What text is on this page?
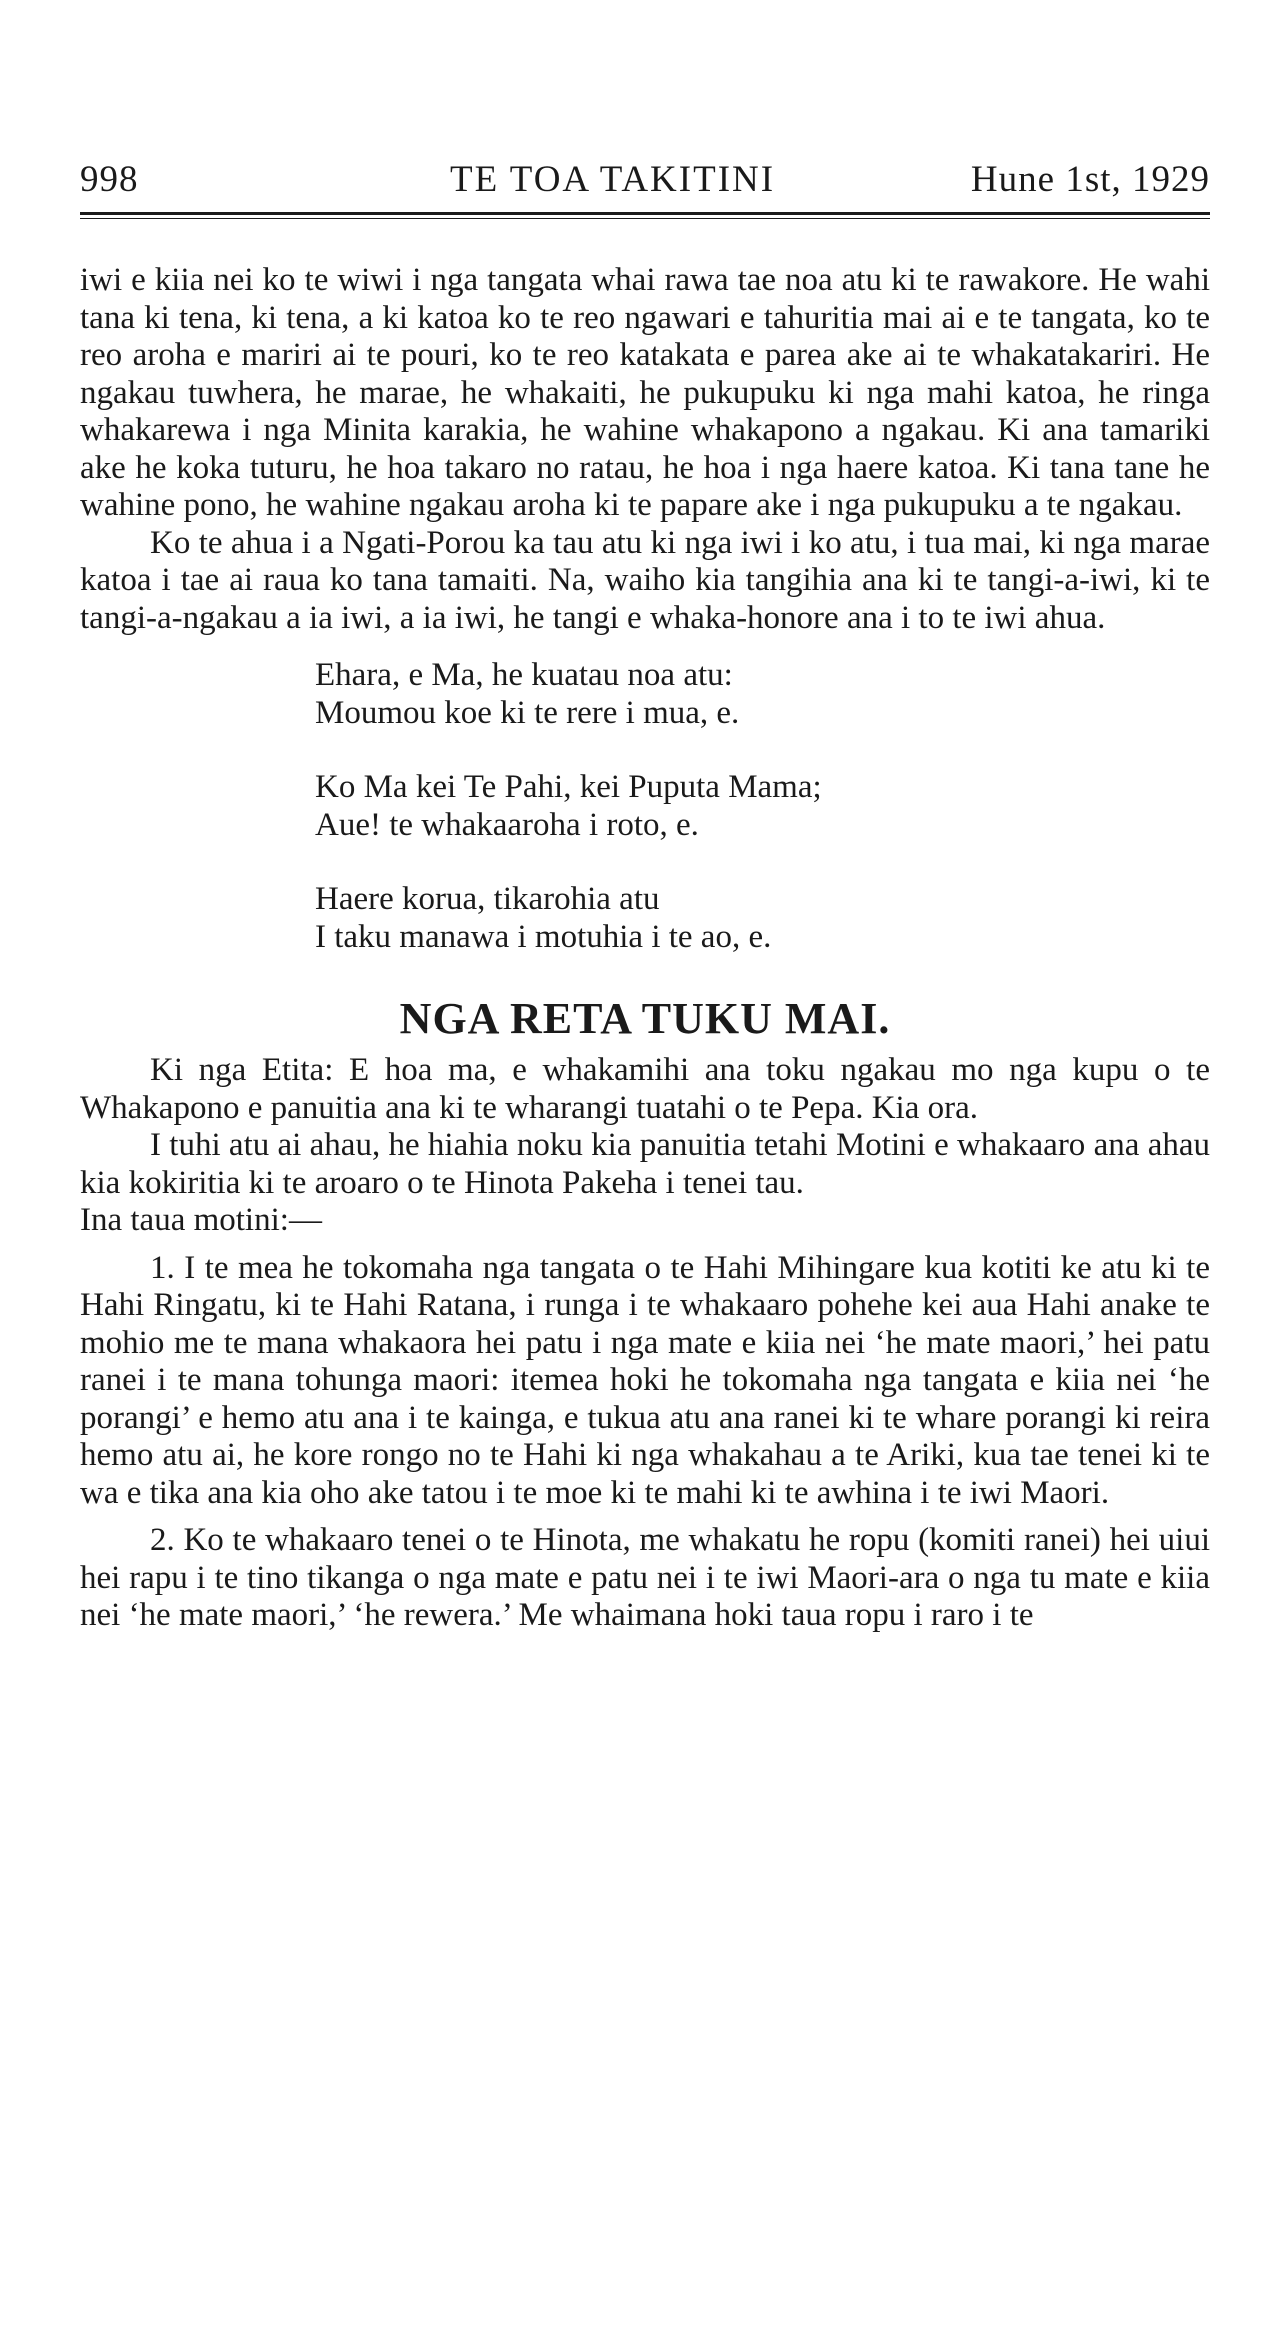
998	TE TOA TAKITINI	Hune 1st, 1929

iwi e kiia nei ko te wiwi i nga tangata whai rawa tae noa atu ki te rawakore. He wahi tana ki tena, ki tena, a ki katoa ko te reo ngawari e tahuritia mai ai e te tangata, ko te reo aroha e mariri ai te pouri, ko te reo katakata e parea ake ai te whakatakariri. He ngakau tuwhera, he marae, he whakaiti, he pukupuku ki nga mahi katoa, he ringa whakarewa i nga Minita karakia, he wahine whakapono a ngakau. Ki ana tamariki ake he koka tuturu, he hoa takaro no ratau, he hoa i nga haere katoa. Ki tana tane he wahine pono, he wahine ngakau aroha ki te papare ake i nga pukupuku a te ngakau.

Ko te ahua i a Ngati-Porou ka tau atu ki nga iwi i ko atu, i tua mai, ki nga marae katoa i tae ai raua ko tana tamaiti. Na, waiho kia tangihia ana ki te tangi-a-iwi, ki te tangi-a-ngakau a ia iwi, a ia iwi, he tangi e whaka-honore ana i to te iwi ahua.

Ehara, e Ma, he kuatau noa atu:
Moumou koe ki te rere i mua, e.
Ko Ma kei Te Pahi, kei Puputa Mama;
Aue! te whakaaroha i roto, e.
Haere korua, tikarohia atu
I taku manawa i motuhia i te ao, e.
NGA RETA TUKU MAI.

Ki nga Etita: E hoa ma, e whakamihi ana toku ngakau mo nga kupu o te Whakapono e panuitia ana ki te wharangi tuatahi o te Pepa. Kia ora.

I tuhi atu ai ahau, he hiahia noku kia panuitia tetahi Motini e whakaaro ana ahau kia kokiritia ki te aroaro o te Hinota Pakeha i tenei tau.

Ina taua motini:—

1. I te mea he tokomaha nga tangata o te Hahi Mihingare kua kotiti ke atu ki te Hahi Ringatu, ki te Hahi Ratana, i runga i te whakaaro pohehe kei aua Hahi anake te mohio me te mana whakaora hei patu i nga mate e kiia nei ‘he mate maori,’ hei patu ranei i te mana tohunga maori: itemea hoki he tokomaha nga tangata e kiia nei ‘he porangi’ e hemo atu ana i te kainga, e tukua atu ana ranei ki te whare porangi ki reira hemo atu ai, he kore rongo no te Hahi ki nga whakahau a te Ariki, kua tae tenei ki te wa e tika ana kia oho ake tatou i te moe ki te mahi ki te awhina i te iwi Maori.

2. Ko te whakaaro tenei o te Hinota, me whakatu he ropu (komiti ranei) hei uiui hei rapu i te tino tikanga o nga mate e patu nei i te iwi Maori-ara o nga tu mate e kiia nei ‘he mate maori,’ ‘he rewera.’ Me whaimana hoki taua ropu i raro i te
